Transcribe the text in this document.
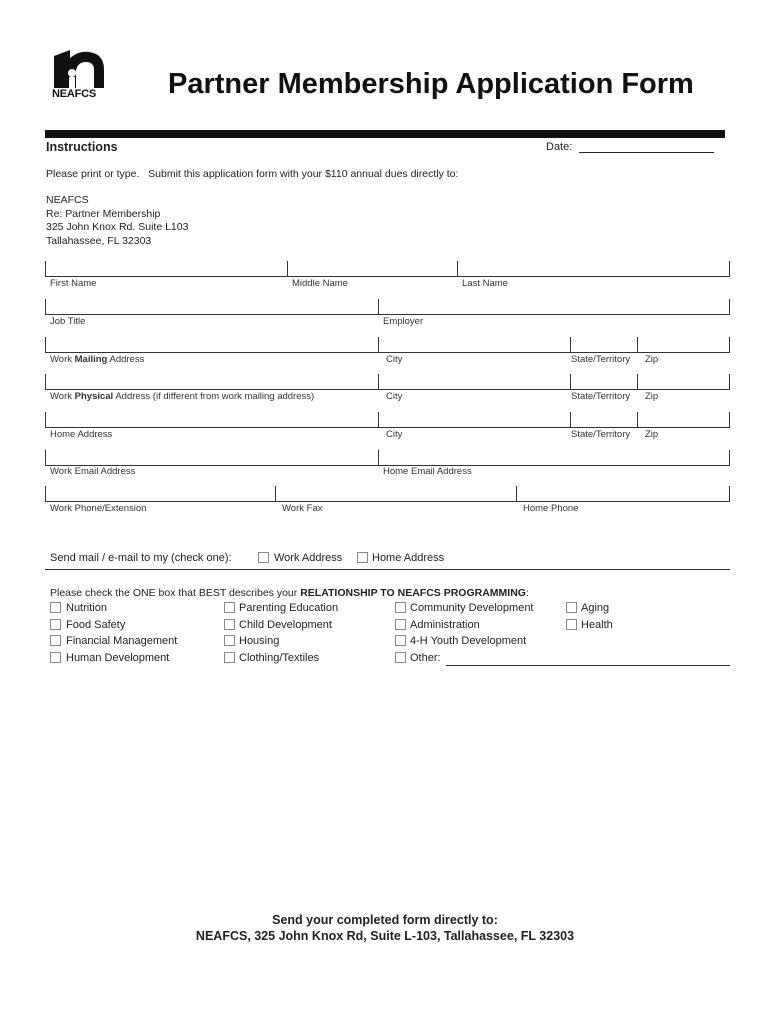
NEAFCS Partner Membership Application Form
Instructions	Date:
Please print or type.   Submit this application form with your $110 annual dues directly to:
NEAFCS
Re: Partner Membership
325 John Knox Rd. Suite L103
Tallahassee, FL 32303
First Name	Middle Name	Last Name
Job Title	Employer
Work Mailing Address	City	State/Territory Zip
Work Physical Address (if different from work mailing address)	City	State/Territory Zip
Home Address	City	State/Territory Zip
Work Email Address	Home Email Address
Work Phone/Extension	Work Fax	Home Phone
Send mail / e-mail to my (check one):	Work Address	Home Address
Please check the ONE box that BEST describes your RELATIONSHIP TO NEAFCS PROGRAMMING:
Nutrition
Food Safety
Financial Management
Human Development
Parenting Education
Child Development
Housing
Clothing/Textiles
Community Development
Administration
4-H Youth Development
Other:
Aging
Health
Send your completed form directly to:
NEAFCS, 325 John Knox Rd, Suite L-103, Tallahassee, FL 32303
